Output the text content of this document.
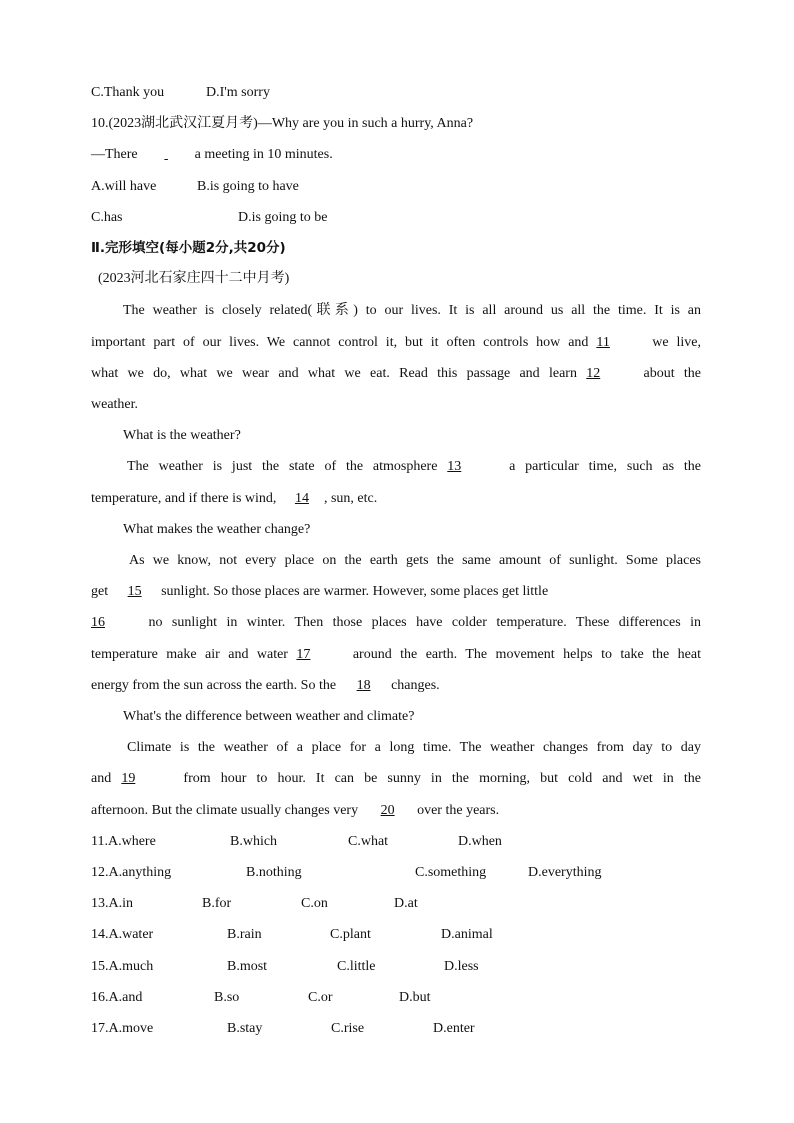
C.Thank you	D.I'm sorry
10.(2023湖北武汉江夏月考)—Why are you in such a hurry, Anna?
—There	a meeting in 10 minutes.
A.will have	B.is going to have
C.has	D.is going to be
Ⅱ.完形填空(每小题2分,共20分)
(2023河北石家庄四十二中月考)
The weather is closely related(联系) to our lives. It is all around us all the time. It is an
important part of our lives. We cannot control it, but it often controls how and 11	we live,
what we do, what we wear and what we eat. Read this passage and learn 12	about the
weather.
What is the weather?
The weather is just the state of the atmosphere 13	a particular time, such as the
temperature, and if there is wind, 14 , sun, etc.
What makes the weather change?
As we know, not every place on the earth gets the same amount of sunlight. Some places
get 15 sunlight. So those places are warmer. However, some places get little
16	no sunlight in winter. Then those places have colder temperature. These differences in
temperature make air and water 17	around the earth. The movement helps to take the heat
energy from the sun across the earth. So the 18 changes.
What's the difference between weather and climate?
Climate is the weather of a place for a long time. The weather changes from day to day
and 19	from hour to hour. It can be sunny in the morning, but cold and wet in the
afternoon. But the climate usually changes very 20 over the years.
11.A.where	B.which	C.what	D.when
12.A.anything	B.nothing	C.something	D.everything
13.A.in	B.for	C.on	D.at
14.A.water	B.rain	C.plant	D.animal
15.A.much	B.most	C.little	D.less
16.A.and	B.so	C.or	D.but
17.A.move	B.stay	C.rise	D.enter
